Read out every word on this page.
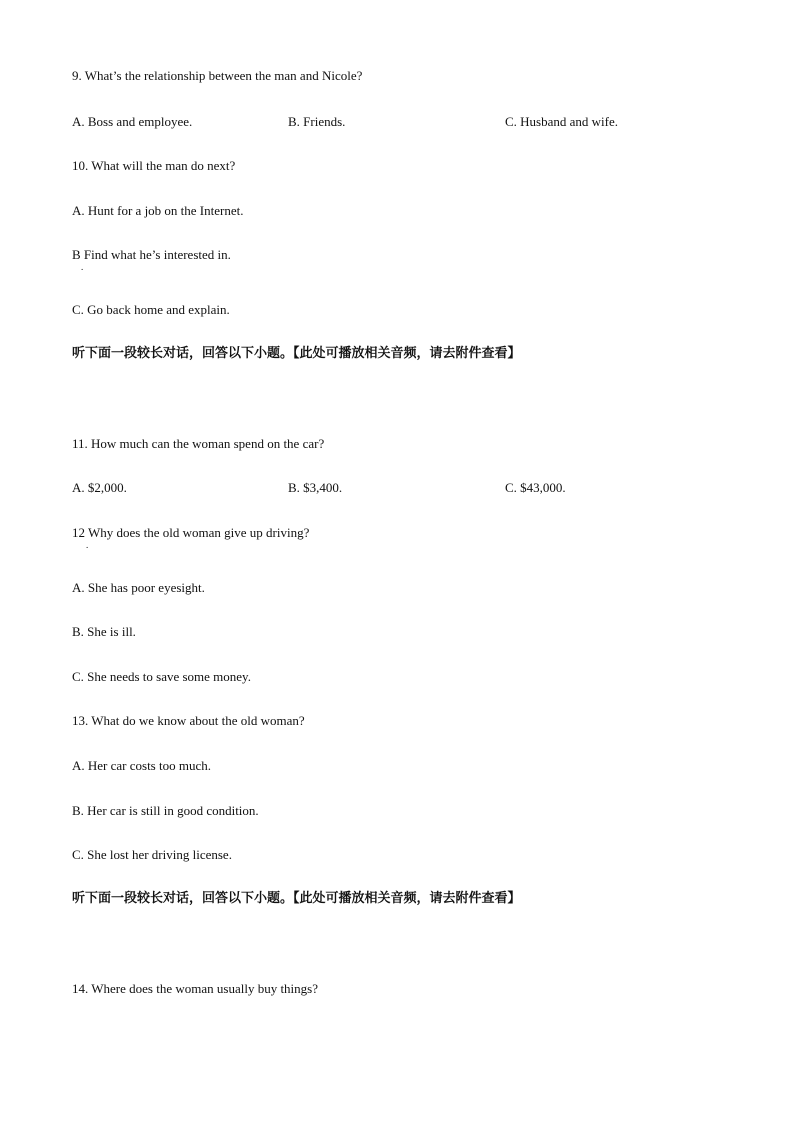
9. What’s the relationship between the man and Nicole?
A. Boss and employee.	B. Friends.	C. Husband and wife.
10. What will the man do next?
A. Hunt for a job on the Internet.
B Find what he’s interested in.
.
C. Go back home and explain.
听下面一段较长对话，回答以下小题。【此处可播放相关音频，请去附件查看】
11. How much can the woman spend on the car?
A. $2,000.	B. $3,400.	C. $43,000.
12 Why does the old woman give up driving?
.
A. She has poor eyesight.
B. She is ill.
C. She needs to save some money.
13. What do we know about the old woman?
A. Her car costs too much.
B. Her car is still in good condition.
C. She lost her driving license.
听下面一段较长对话，回答以下小题。【此处可播放相关音频，请去附件查看】
14. Where does the woman usually buy things?
